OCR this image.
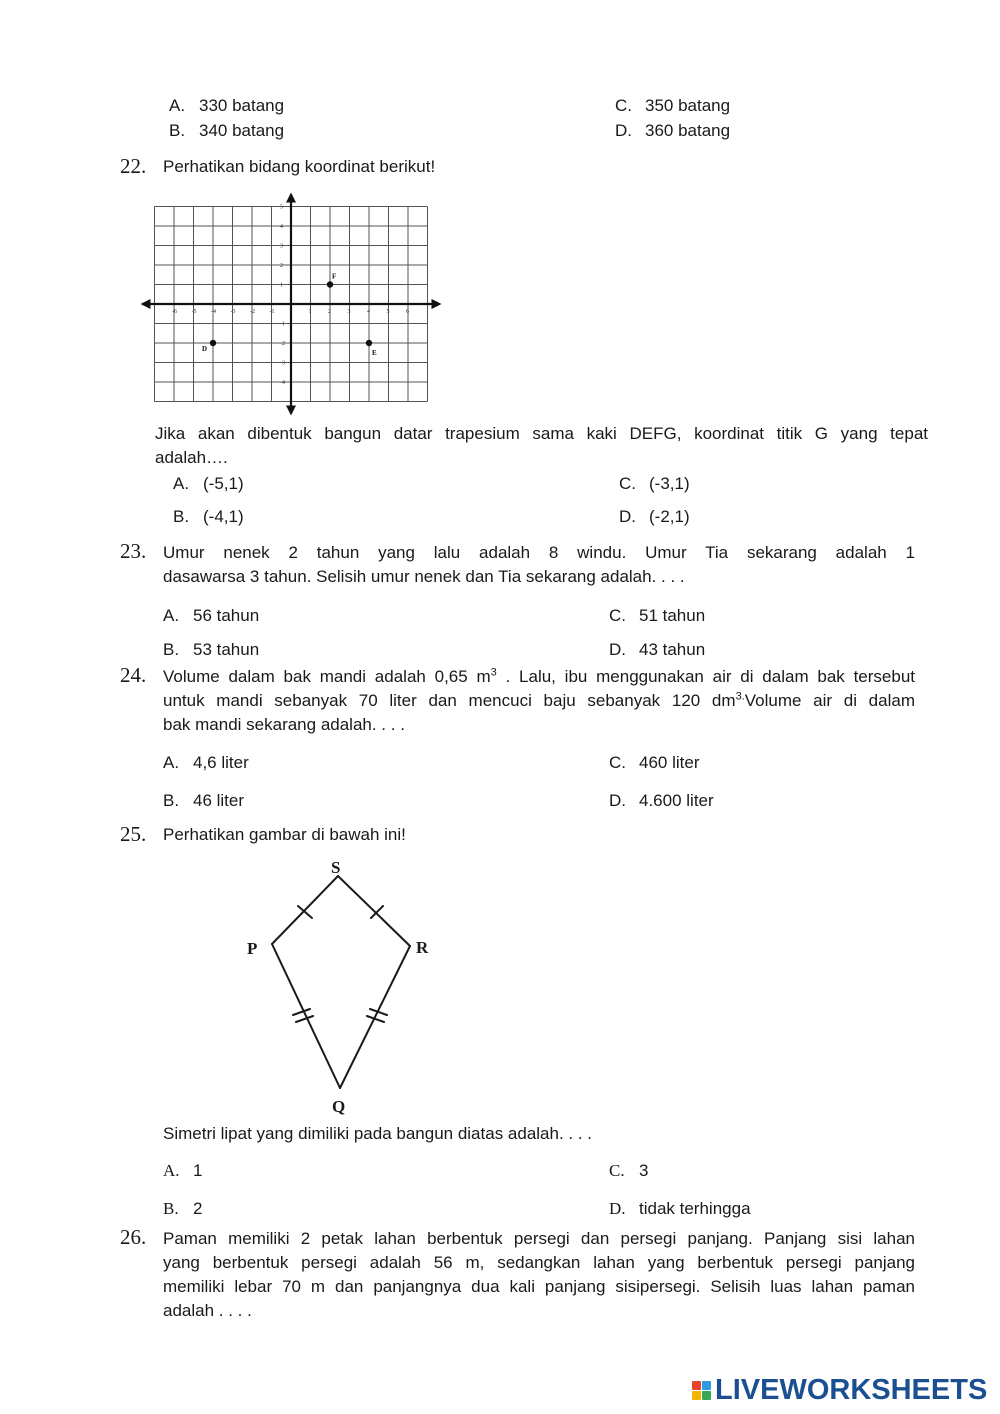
A. 330 batang
B. 340 batang
C. 350 batang
D. 360 batang
22. Perhatikan bidang koordinat berikut!
-6 -5 -4 -3 -2 -1	1	2	3	4	5	6
5
4
3
2
1
-1
-2
-3
-4
D	E
F
Jika akan dibentuk bangun datar trapesium sama kaki DEFG, koordinat titik G yang tepat
adalah….
A. (-5,1)
B. (-4,1)
C. (-3,1)
D. (-2,1)
23. Umur nenek 2 tahun yang lalu adalah 8 windu. Umur Tia sekarang adalah 1
dasawarsa 3 tahun. Selisih umur nenek dan Tia sekarang adalah. . . .
A. 56 tahun
B. 53 tahun
C. 51 tahun
D. 43 tahun
24. Volume dalam bak mandi adalah 0,65 $m^3$ . Lalu, ibu menggunakan air di dalam bak tersebut
untuk mandi sebanyak 70 liter dan mencuci baju sebanyak 120 $dm^{3.}Volume$ air di dalam
bak mandi sekarang adalah. . . .
A. 4,6 liter
B. 46 liter
C. 460 liter
D. 4.600 liter
25. Perhatikan gambar di bawah ini!
S
P	R
Q
Simetri lipat yang dimiliki pada bangun diatas adalah. . . .
A. 1
B. 2
C. 3
D. tidak terhingga
26. Paman memiliki 2 petak lahan berbentuk persegi dan persegi panjang. Panjang sisi lahan
yang berbentuk persegi adalah 56 m, sedangkan lahan yang berbentuk persegi panjang
memiliki lebar 70 m dan panjangnya dua kali panjang sisipersegi. Selisih luas lahan paman
adalah . . . .
LIVEWORKSHEETS
